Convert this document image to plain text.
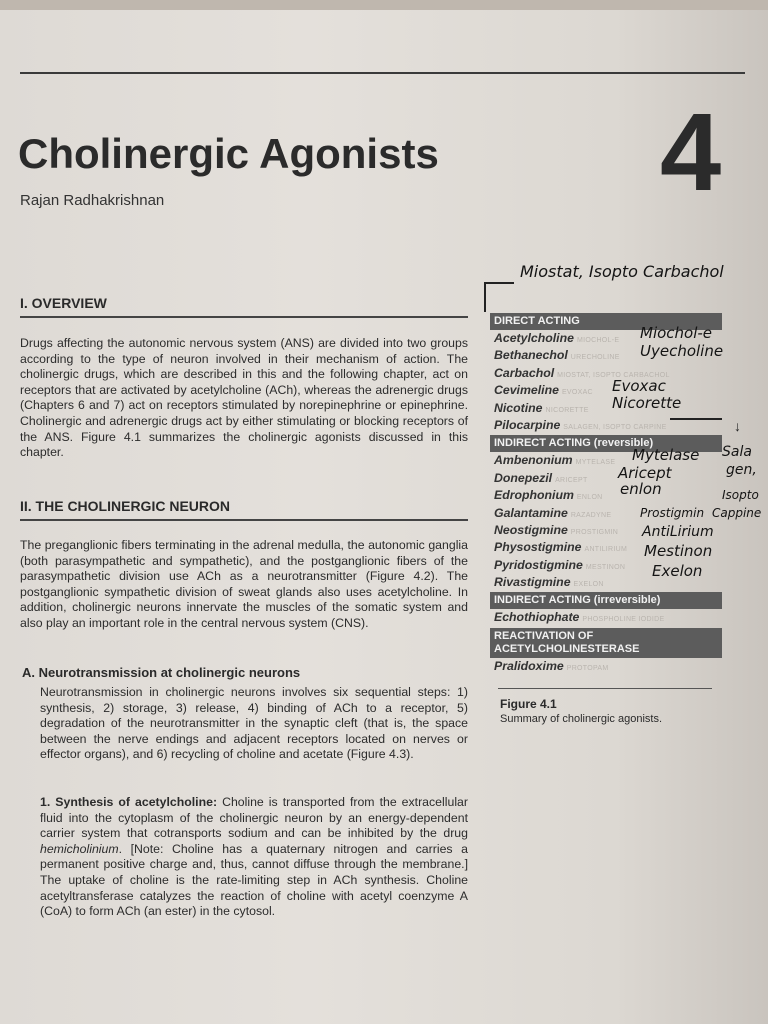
Cholinergic Agonists
Rajan Radhakrishnan	4
I. OVERVIEW

Drugs affecting the autonomic nervous system (ANS) are divided into two groups according to the type of neuron involved in their mechanism of action. The cholinergic drugs, which are described in this and the following chapter, act on receptors that are activated by acetylcholine (ACh), whereas the adrenergic drugs (Chapters 6 and 7) act on receptors stimulated by norepinephrine or epinephrine. Cholinergic and adrenergic drugs act by either stimulating or blocking receptors of the ANS. Figure 4.1 summarizes the cholinergic agonists discussed in this chapter.

II. THE CHOLINERGIC NEURON

The preganglionic fibers terminating in the adrenal medulla, the autonomic ganglia (both parasympathetic and sympathetic), and the postganglionic fibers of the parasympathetic division use ACh as a neurotransmitter (Figure 4.2). The postganglionic sympathetic division of sweat glands also uses acetylcholine. In addition, cholinergic neurons innervate the muscles of the somatic system and also play an important role in the central nervous system (CNS).

A. Neurotransmission at cholinergic neurons

Neurotransmission in cholinergic neurons involves six sequential steps: 1) synthesis, 2) storage, 3) release, 4) binding of ACh to a receptor, 5) degradation of the neurotransmitter in the synaptic cleft (that is, the space between the nerve endings and adjacent receptors located on nerves or effector organs), and 6) recycling of choline and acetate (Figure 4.3).

1. Synthesis of acetylcholine: Choline is transported from the extracellular fluid into the cytoplasm of the cholinergic neuron by an energy-dependent carrier system that cotransports sodium and can be inhibited by the drug hemicholinium. [Note: Choline has a quaternary nitrogen and carries a permanent positive charge and, thus, cannot diffuse through the membrane.] The uptake of choline is the rate-limiting step in ACh synthesis. Choline acetyltransferase catalyzes the reaction of choline with acetyl coenzyme A (CoA) to form ACh (an ester) in the cytosol.

DIRECT ACTING
Acetylcholine MIOCHOL-E
Bethanechol URECHOLINE
Carbachol MIOSTAT, ISOPTO CARBACHOL
Cevimeline EVOXAC
Nicotine NICORETTE
Pilocarpine SALAGEN, ISOPTO CARPINE
INDIRECT ACTING (reversible)
Ambenonium MYTELASE
Donepezil ARICEPT
Edrophonium ENLON
Galantamine RAZADYNE
Neostigmine PROSTIGMIN
Physostigmine ANTILIRIUM
Pyridostigmine MESTINON
Rivastigmine EXELON
INDIRECT ACTING (irreversible)
Echothiophate PHOSPHOLINE IODIDE
REACTIVATION OF ACETYLCHOLINESTERASE
Pralidoxime PROTOPAM
Figure 4.1
Summary of cholinergic agonists.
Miostat, Isopto Carbachol
↓
Miochol-e
Uyecholine
Evoxac
Nicorette
Mytelase
Aricept
enlon
Prostigmin
AntiLirium
Mestinon
Exelon
Sala
gen,
Isopto
Cappine
